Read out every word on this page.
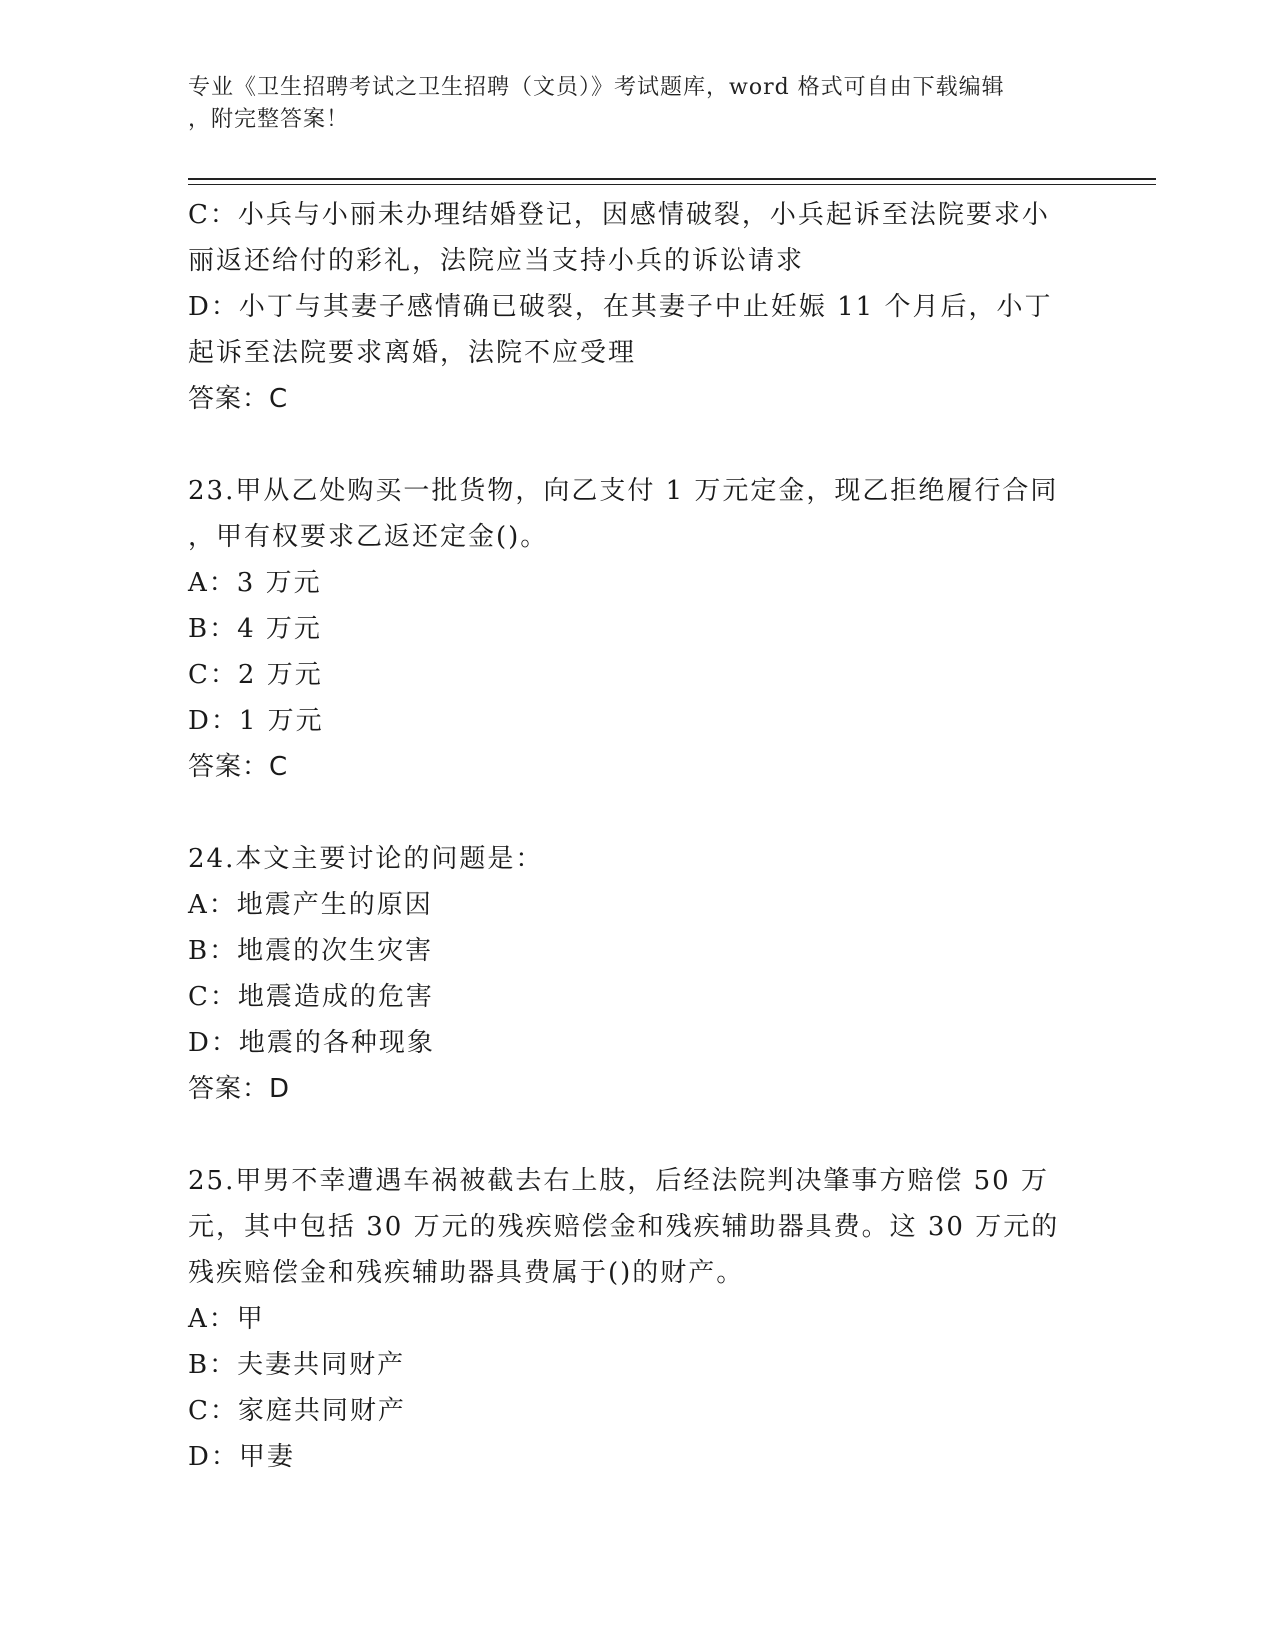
专业《卫生招聘考试之卫生招聘（文员）》考试题库，word 格式可自由下载编辑
，附完整答案！
C：小兵与小丽未办理结婚登记，因感情破裂，小兵起诉至法院要求小
丽返还给付的彩礼，法院应当支持小兵的诉讼请求
D：小丁与其妻子感情确已破裂，在其妻子中止妊娠 11 个月后，小丁
起诉至法院要求离婚，法院不应受理
答案：C
23.甲从乙处购买一批货物，向乙支付 1 万元定金，现乙拒绝履行合同
，甲有权要求乙返还定金()。
A：3 万元
B：4 万元
C：2 万元
D：1 万元
答案：C
24.本文主要讨论的问题是：
A：地震产生的原因
B：地震的次生灾害
C：地震造成的危害
D：地震的各种现象
答案：D
25.甲男不幸遭遇车祸被截去右上肢，后经法院判决肇事方赔偿 50 万
元，其中包括 30 万元的残疾赔偿金和残疾辅助器具费。这 30 万元的
残疾赔偿金和残疾辅助器具费属于()的财产。
A：甲
B：夫妻共同财产
C：家庭共同财产
D：甲妻
